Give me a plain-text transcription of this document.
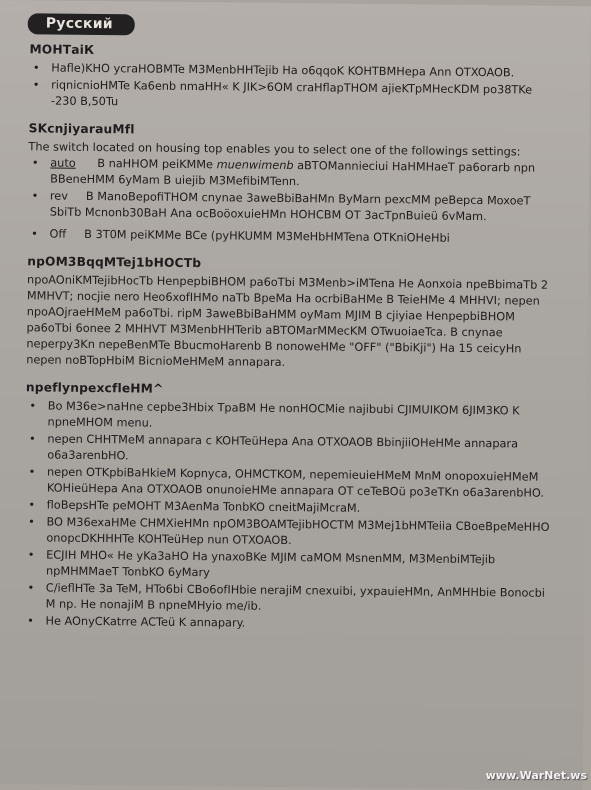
Русский
МОНТаіК
•	Hafle)KHO ycraHOBMTe M3MenbHHTejib Ha o6qqoK KOHTBMHepa Ann OTXOAOB.
•	riqnicnioHMTe Ka6enb nmaHH« K JIK>6OM craHflapTHOM ajieKTpMHecKDM po38TKe -230 B,50Tu
SKcnjiyarauMfl

The switch located on housing top enables you to select one of the followings settings:

•	auto B naHHOM peiKMMe muenwimenb aBTOMannieciui HaHMHaeT pa6orarb npn BBeneHMM 6yMam B uiejib M3MefibiMTenn.
•	rev B ManoBepofiTHOM cnynae 3aweBbiBaHMn ByMarn pexcMM peBepca MoxoeT SbiTb Mcnonb30BaH Ana ocBoöoxuieHMn HOHCBM OT 3acTpnBuieü 6vMam.
•	Off B 3T0M peiKMMe BCe (pyHKUMM M3MeHbHMTena OTKniOHeHbi
npOM3BqqMTej1bHOCTb

npoAOniKMTejibHocTb HenpepbiBHOM pa6oTbi M3Menb>iMTena He Aonxoia npeBbimaTb 2 MMHVT; nocjie nero Heo6xofIHMo naTb BpeMa Ha ocrbiBaHMe B TeieHMe 4 MHHVI; nepen npoAOjraeHMeM pa6oTbi. ripM 3aweBbiBaHMM oyMam MJIM B cjiyiae HenpepbiBHOM pa6oTbi 6onee 2 MHHVT M3MenbHHTerib aBTOMarMMecKM OTwuoiaeTca. B cnynae neperpy3Kn nepeBenMTe BbucmoHarenb B nonoweHMe "OFF" ("BbiKji") Ha 15 ceicyHn nepen noBTopHbiM BicnioMeHMeM annapara.

npeflynpexcfleHM^
•	Bo M36e>naHne cepbe3Hbix TpaBM He nonHOCMie najibubi CJIMUIKOM 6JIM3KO K npneMHOM menu.
•	nepen CHHTMeM annapara c KOHTeüHepa Ana OTXOAOB BbinjiiOHeHMe annapara o6a3arenbHO.
•	nepen OTKpbiBaHkieM Kopnyca, OHMCTKOM, nepemieuieHMeM MnM onopoxuieHMeM KOHieüHepa Ana OTXOAOB onunoieHMe annapara OT ceTeBOü po3eTKn o6a3arenbHO.
•	floBepsHTe peMOHT M3AenMa TonbKO cneitMajiMcraM.
•	BO M36exaHMe CHMXieHMn npOM3BOAMTejibHOCTM M3Mej1bHMTeiia CBoeBpeMeHHO onopcDKHHHTe KOHTeüHep nun OTXOAOB.
•	ECJIH MHO« He yKa3aHO Ha ynaxoBKe MJIM caMOM MsnenMM, M3MenbiMTejib npMHMMaeT TonbKO 6yMary
•	C/ieflHTe 3a TeM, HTo6bi CBo6ofIHbie nerajiM cnexuibi, yxpauieHMn, AnMHHbie Bonocbi M np. He nonajiM B npneMHyio me/ib.
•	He AOnyCKatrre ACTeü K annapary.
www.WarNet.ws
